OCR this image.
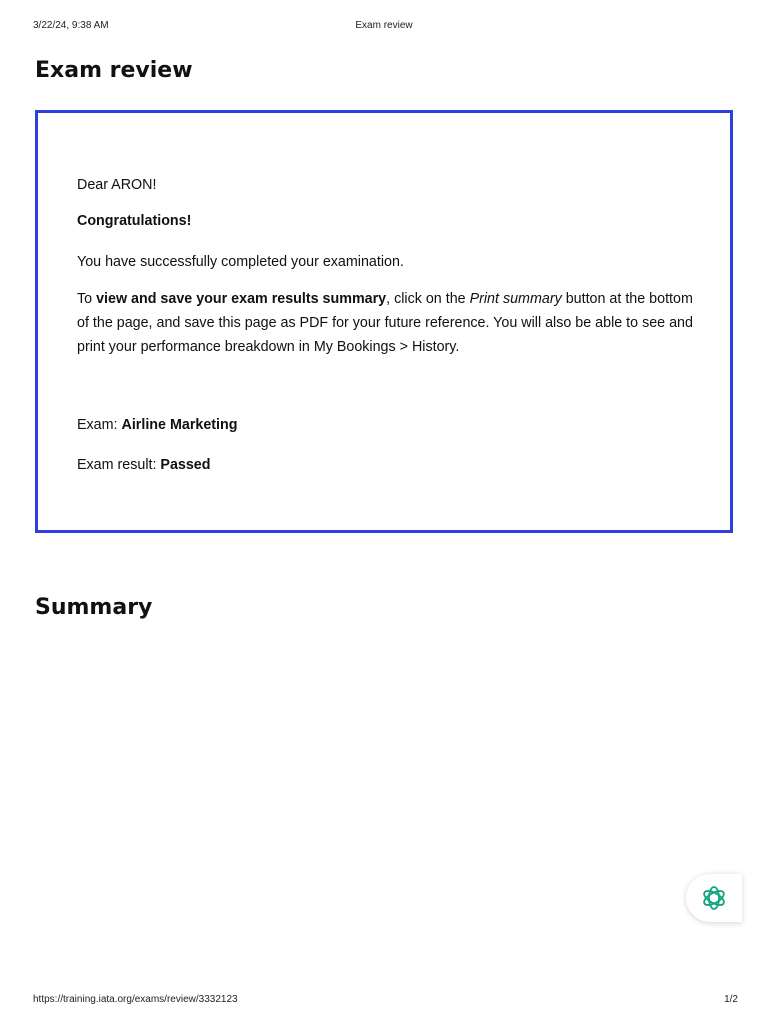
3/22/24, 9:38 AM	Exam review
Exam review

Dear ARON!

Congratulations!

You have successfully completed your examination.

To view and save your exam results summary, click on the Print summary button at the bottom of the page, and save this page as PDF for your future reference. You will also be able to see and print your performance breakdown in My Bookings > History.

Exam: Airline Marketing

Exam result: Passed

Summary
https://training.iata.org/exams/review/3332123	1/2
